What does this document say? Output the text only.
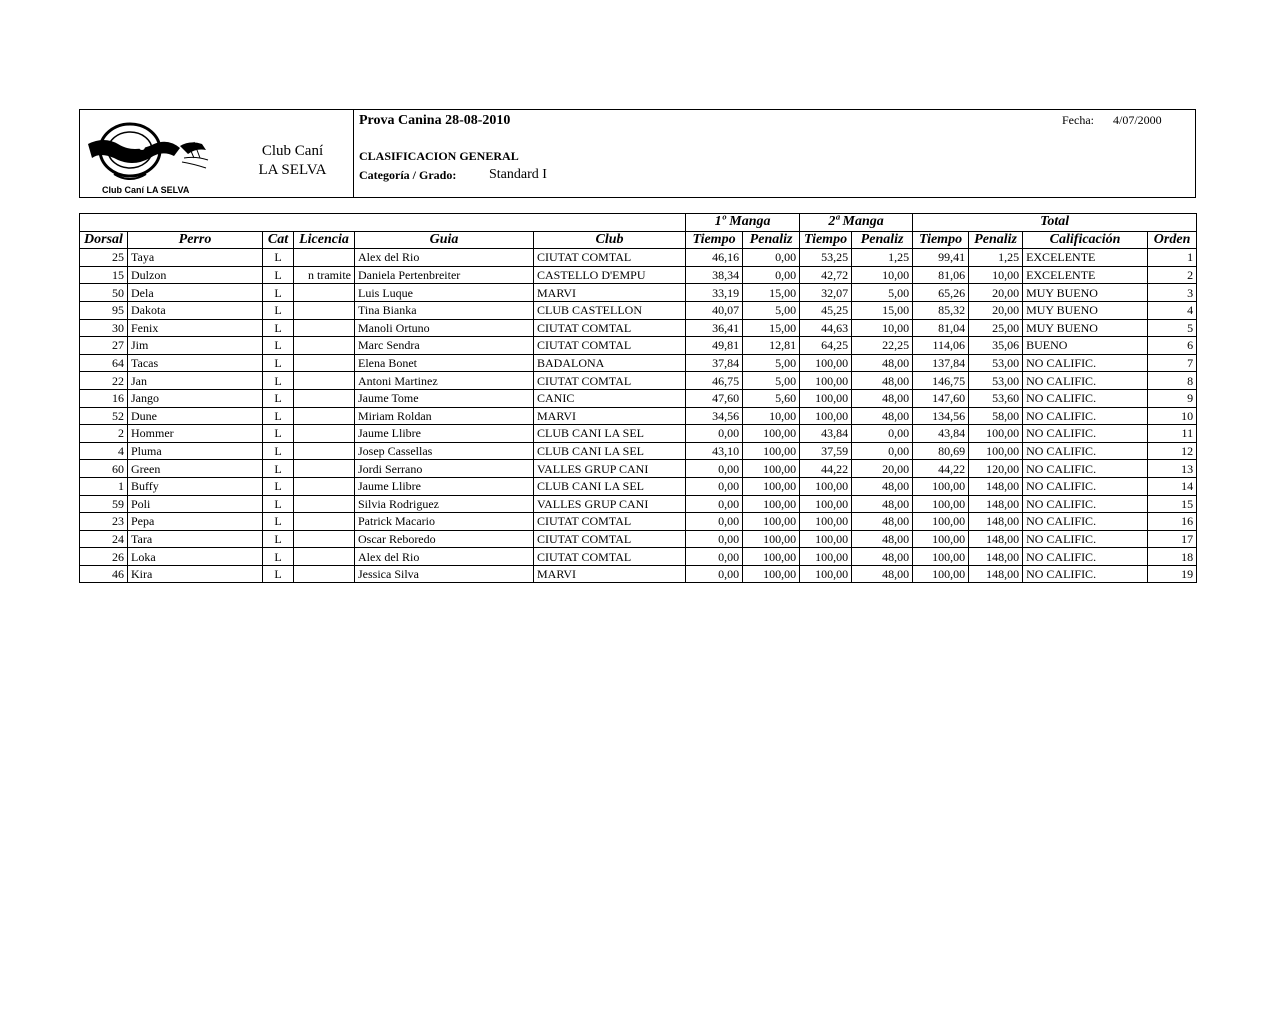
Club Caní LA SELVA
Club Caní
LA SELVA
Prova Canina 28-08-2010	Fecha: 4/07/2000
CLASIFICACION GENERAL
Categoría / Grado: Standard I
						1º Manga		2ª Manga		Total			
Dorsal	Perro	Cat	Licencia	Guia	Club	Tiempo	Penaliz	Tiempo	Penaliz	Tiempo	Penaliz	Calificación	Orden
25	Taya	L		Alex del Rio	CIUTAT COMTAL	46,16	0,00	53,25	1,25	99,41	1,25	EXCELENTE	1
15	Dulzon	L	n tramite	Daniela Pertenbreiter	CASTELLO D'EMPU	38,34	0,00	42,72	10,00	81,06	10,00	EXCELENTE	2
50	Dela	L		Luis Luque	MARVI	33,19	15,00	32,07	5,00	65,26	20,00	MUY BUENO	3
95	Dakota	L		Tina Bianka	CLUB CASTELLON	40,07	5,00	45,25	15,00	85,32	20,00	MUY BUENO	4
30	Fenix	L		Manoli Ortuno	CIUTAT COMTAL	36,41	15,00	44,63	10,00	81,04	25,00	MUY BUENO	5
27	Jim	L		Marc Sendra	CIUTAT COMTAL	49,81	12,81	64,25	22,25	114,06	35,06	BUENO	6
64	Tacas	L		Elena Bonet	BADALONA	37,84	5,00	100,00	48,00	137,84	53,00	NO CALIFIC.	7
22	Jan	L		Antoni Martinez	CIUTAT COMTAL	46,75	5,00	100,00	48,00	146,75	53,00	NO CALIFIC.	8
16	Jango	L		Jaume Tome	CANIC	47,60	5,60	100,00	48,00	147,60	53,60	NO CALIFIC.	9
52	Dune	L		Miriam Roldan	MARVI	34,56	10,00	100,00	48,00	134,56	58,00	NO CALIFIC.	10
2	Hommer	L		Jaume Llibre	CLUB CANI LA SEL	0,00	100,00	43,84	0,00	43,84	100,00	NO CALIFIC.	11
4	Pluma	L		Josep Cassellas	CLUB CANI LA SEL	43,10	100,00	37,59	0,00	80,69	100,00	NO CALIFIC.	12
60	Green	L		Jordi Serrano	VALLES GRUP CANI	0,00	100,00	44,22	20,00	44,22	120,00	NO CALIFIC.	13
1	Buffy	L		Jaume Llibre	CLUB CANI LA SEL	0,00	100,00	100,00	48,00	100,00	148,00	NO CALIFIC.	14
59	Poli	L		Silvia Rodriguez	VALLES GRUP CANI	0,00	100,00	100,00	48,00	100,00	148,00	NO CALIFIC.	15
23	Pepa	L		Patrick Macario	CIUTAT COMTAL	0,00	100,00	100,00	48,00	100,00	148,00	NO CALIFIC.	16
24	Tara	L		Oscar Reboredo	CIUTAT COMTAL	0,00	100,00	100,00	48,00	100,00	148,00	NO CALIFIC.	17
26	Loka	L		Alex del Rio	CIUTAT COMTAL	0,00	100,00	100,00	48,00	100,00	148,00	NO CALIFIC.	18
46	Kira	L		Jessica Silva	MARVI	0,00	100,00	100,00	48,00	100,00	148,00	NO CALIFIC.	19
